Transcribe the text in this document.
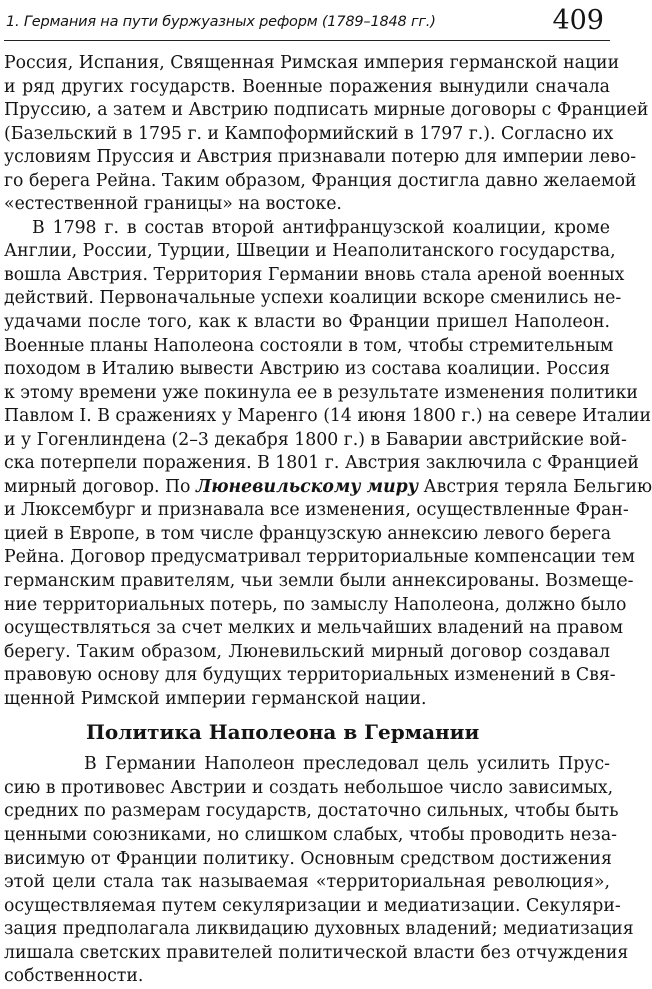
1. Германия на пути буржуазных реформ (1789–1848 гг.)	409
Россия, Испания, Священная Римская империя германской нации
и ряд других государств. Военные поражения вынудили сначала
Пруссию, а затем и Австрию подписать мирные договоры с Францией
(Базельский в 1795 г. и Кампоформийский в 1797 г.). Согласно их
условиям Пруссия и Австрия признавали потерю для империи лево-
го берега Рейна. Таким образом, Франция достигла давно желаемой
«естественной границы» на востоке.
В 1798 г. в состав второй антифранцузской коалиции, кроме
Англии, России, Турции, Швеции и Неаполитанского государства,
вошла Австрия. Территория Германии вновь стала ареной военных
действий. Первоначальные успехи коалиции вскоре сменились не-
удачами после того, как к власти во Франции пришел Наполеон.
Военные планы Наполеона состояли в том, чтобы стремительным
походом в Италию вывести Австрию из состава коалиции. Россия
к этому времени уже покинула ее в результате изменения политики
Павлом I. В сражениях у Маренго (14 июня 1800 г.) на севере Италии
и у Гогенлиндена (2–3 декабря 1800 г.) в Баварии австрийские вой-
ска потерпели поражения. В 1801 г. Австрия заключила с Францией
мирный договор. По Люневильскому миру Австрия теряла Бельгию
и Люксембург и признавала все изменения, осуществленные Фран-
цией в Европе, в том числе французскую аннексию левого берега
Рейна. Договор предусматривал территориальные компенсации тем
германским правителям, чьи земли были аннексированы. Возмеще-
ние территориальных потерь, по замыслу Наполеона, должно было
осуществляться за счет мелких и мельчайших владений на правом
берегу. Таким образом, Люневильский мирный договор создавал
правовую основу для будущих территориальных изменений в Свя-
щенной Римской империи германской нации.
Политика Наполеона в Германии
В Германии Наполеон преследовал цель усилить Прус-
сию в противовес Австрии и создать небольшое число зависимых,
средних по размерам государств, достаточно сильных, чтобы быть
ценными союзниками, но слишком слабых, чтобы проводить неза-
висимую от Франции политику. Основным средством достижения
этой цели стала так называемая «территориальная революция»,
осуществляемая путем секуляризации и медиатизации. Секуляри-
зация предполагала ликвидацию духовных владений; медиатизация
лишала светских правителей политической власти без отчуждения
собственности.
